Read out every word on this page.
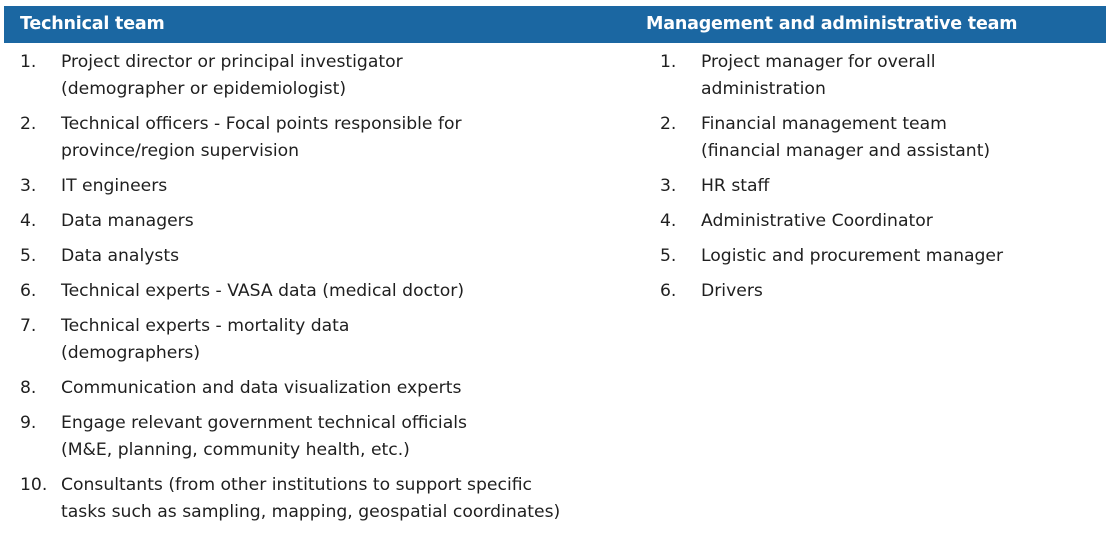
Technical team	Management and administrative team
1. Project director or principal investigator
(demographer or epidemiologist)
2. Technical officers - Focal points responsible for
province/region supervision
3. IT engineers
4. Data managers
5. Data analysts
6. Technical experts - VASA data (medical doctor)
7. Technical experts - mortality data
(demographers)
8. Communication and data visualization experts
9. Engage relevant government technical officials
(M&E, planning, community health, etc.)
10. Consultants (from other institutions to support specific
tasks such as sampling, mapping, geospatial coordinates)
1. Project manager for overall
administration
2. Financial management team
(financial manager and assistant)
3. HR staff
4. Administrative Coordinator
5. Logistic and procurement manager
6. Drivers
